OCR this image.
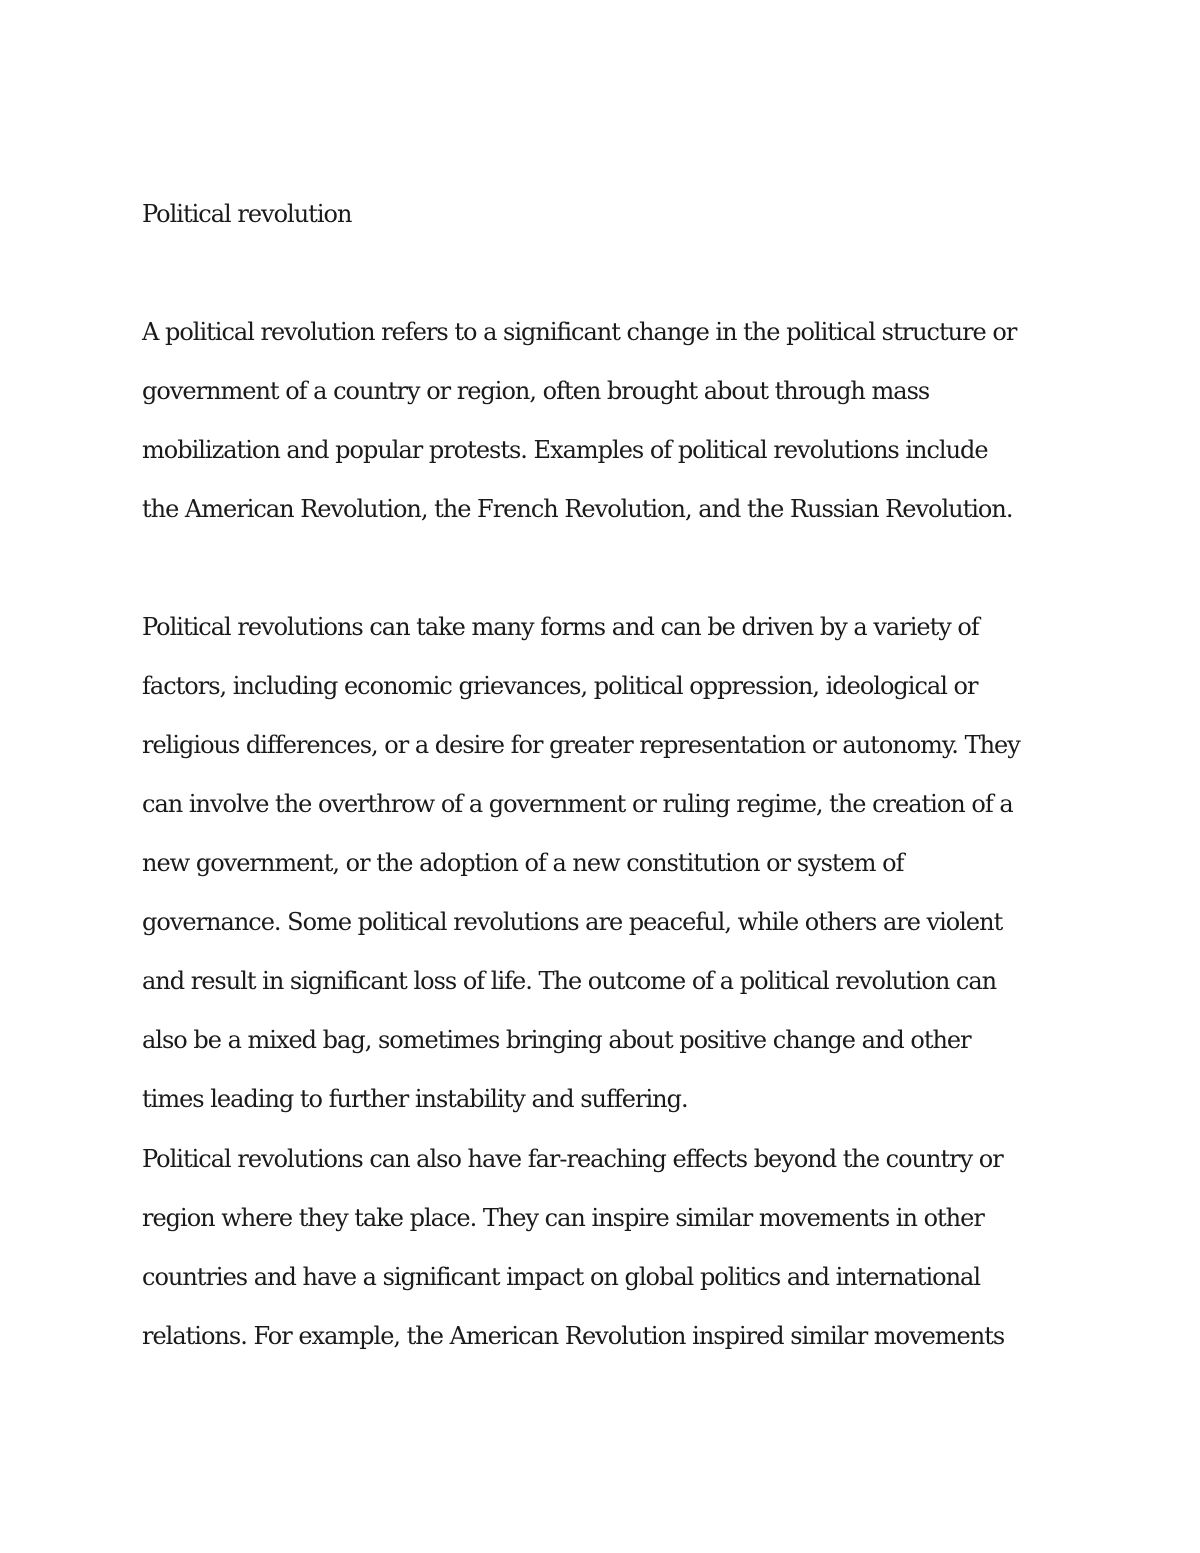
Political revolution

A political revolution refers to a significant change in the political structure or

government of a country or region, often brought about through mass

mobilization and popular protests. Examples of political revolutions include

the American Revolution, the French Revolution, and the Russian Revolution.

Political revolutions can take many forms and can be driven by a variety of

factors, including economic grievances, political oppression, ideological or

religious differences, or a desire for greater representation or autonomy. They

can involve the overthrow of a government or ruling regime, the creation of a

new government, or the adoption of a new constitution or system of

governance. Some political revolutions are peaceful, while others are violent

and result in significant loss of life. The outcome of a political revolution can

also be a mixed bag, sometimes bringing about positive change and other

times leading to further instability and suffering.

Political revolutions can also have far-reaching effects beyond the country or

region where they take place. They can inspire similar movements in other

countries and have a significant impact on global politics and international

relations. For example, the American Revolution inspired similar movements
